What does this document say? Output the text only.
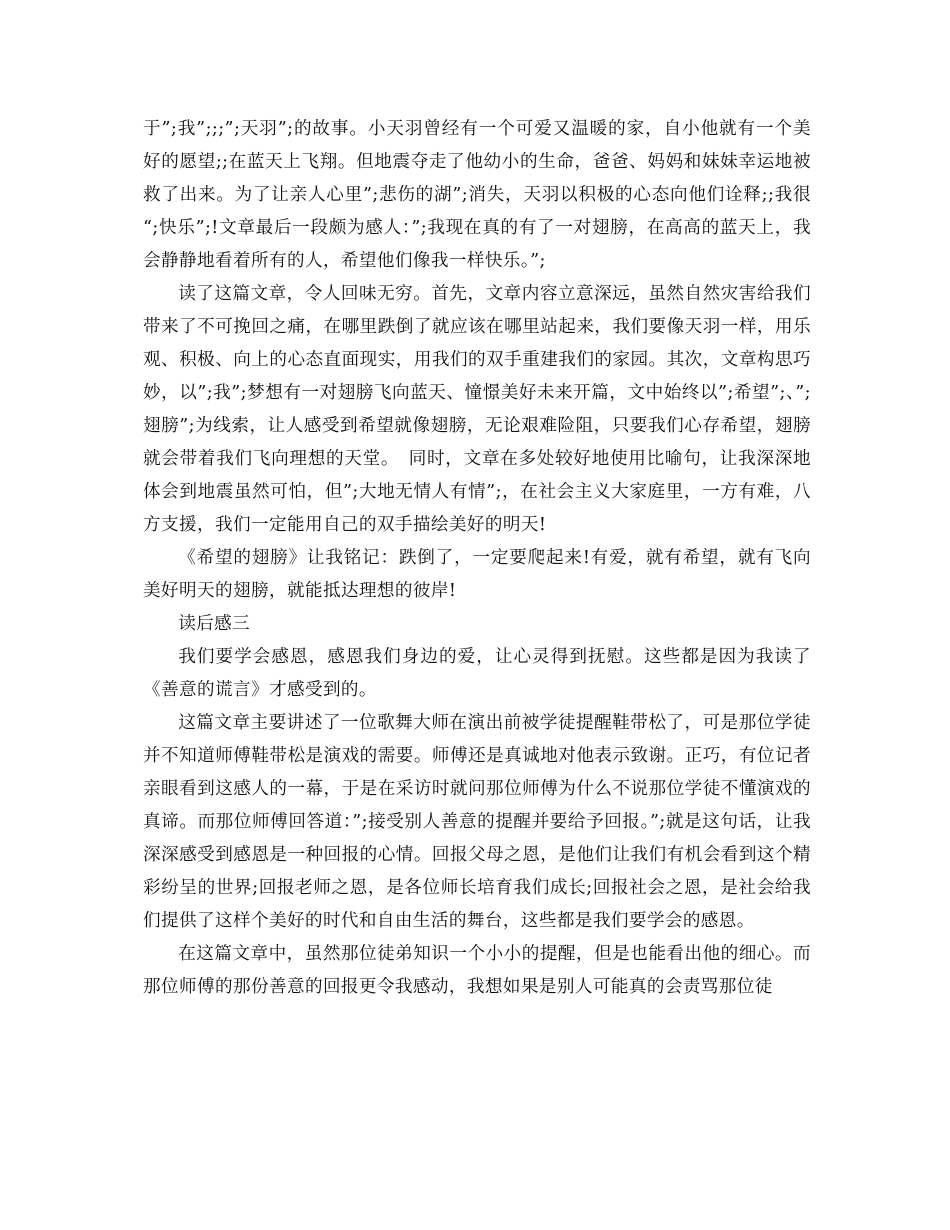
于”;我”;;;”;天羽”;的故事。小天羽曾经有一个可爱又温暖的家，自小他就有一个美好的愿望;;在蓝天上飞翔。但地震夺走了他幼小的生命，爸爸、妈妈和妹妹幸运地被救了出来。为了让亲人心里”;悲伤的湖”;消失，天羽以积极的心态向他们诠释;;我很 “;快乐”;!文章最后一段颇为感人：”;我现在真的有了一对翅膀，在高高的蓝天上，我会静静地看着所有的人，希望他们像我一样快乐。”;

读了这篇文章，令人回味无穷。首先，文章内容立意深远，虽然自然灾害给我们带来了不可挽回之痛，在哪里跌倒了就应该在哪里站起来，我们要像天羽一样，用乐观、积极、向上的心态直面现实，用我们的双手重建我们的家园。其次，文章构思巧妙，以”;我”;梦想有一对翅膀飞向蓝天、憧憬美好未来开篇，文中始终以”;希望”;、”;翅膀”;为线索，让人感受到希望就像翅膀，无论艰难险阻，只要我们心存希望，翅膀就会带着我们飞向理想的天堂。　同时，文章在多处较好地使用比喻句，让我深深地体会到地震虽然可怕，但”;大地无情人有情”;，在社会主义大家庭里，一方有难，八方支援，我们一定能用自己的双手描绘美好的明天!

《希望的翅膀》让我铭记：跌倒了，一定要爬起来!有爱，就有希望，就有飞向美好明天的翅膀，就能抵达理想的彼岸!

读后感三

我们要学会感恩，感恩我们身边的爱，让心灵得到抚慰。这些都是因为我读了《善意的谎言》才感受到的。

这篇文章主要讲述了一位歌舞大师在演出前被学徒提醒鞋带松了，可是那位学徒并不知道师傅鞋带松是演戏的需要。师傅还是真诚地对他表示致谢。正巧，有位记者亲眼看到这感人的一幕，于是在采访时就问那位师傅为什么不说那位学徒不懂演戏的真谛。而那位师傅回答道：”;接受别人善意的提醒并要给予回报。”;就是这句话，让我深深感受到感恩是一种回报的心情。回报父母之恩，是他们让我们有机会看到这个精彩纷呈的世界;回报老师之恩，是各位师长培育我们成长;回报社会之恩，是社会给我们提供了这样个美好的时代和自由生活的舞台，这些都是我们要学会的感恩。

在这篇文章中，虽然那位徒弟知识一个小小的提醒，但是也能看出他的细心。而那位师傅的那份善意的回报更令我感动，我想如果是别人可能真的会责骂那位徒
